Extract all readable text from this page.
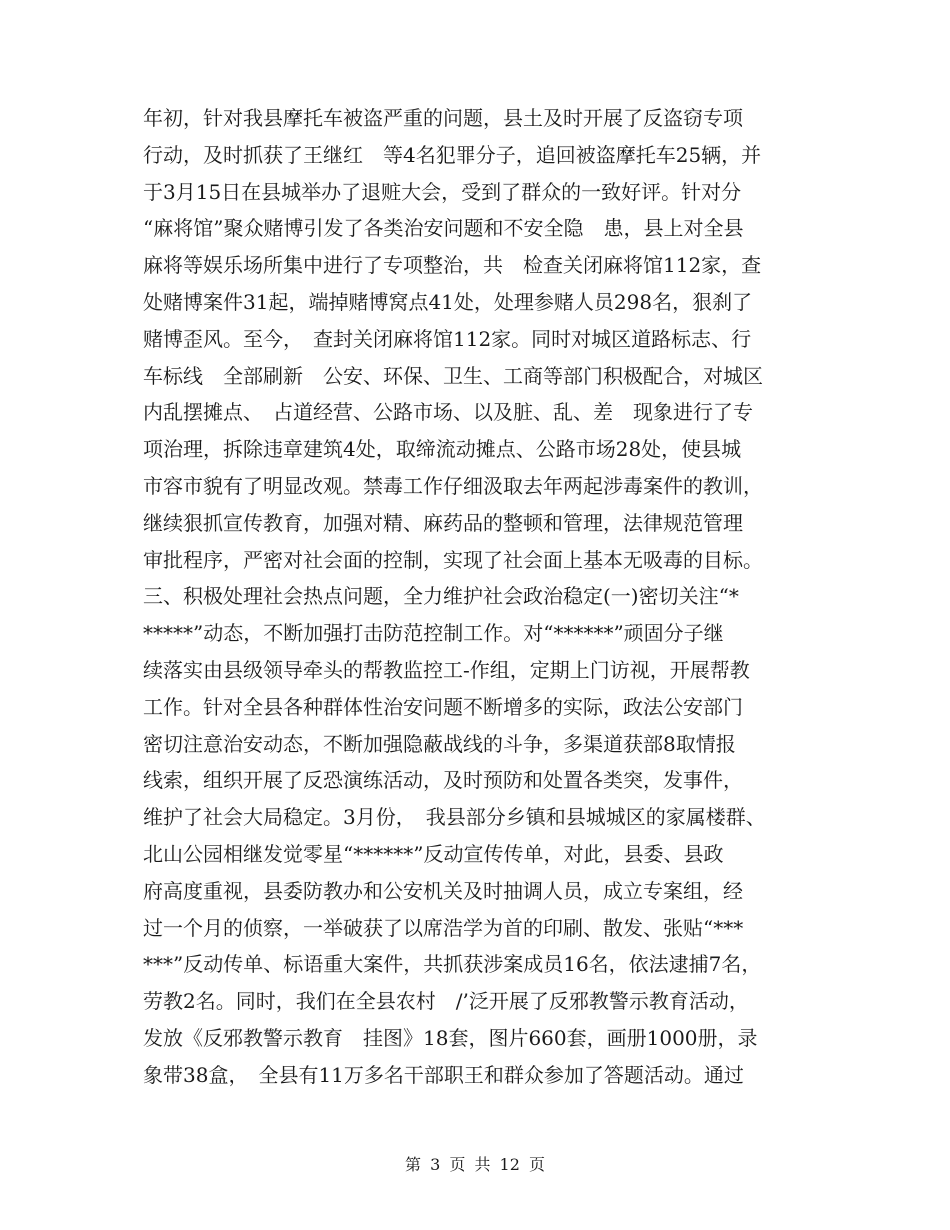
年初，针对我县摩托车被盗严重的问题，县土及时开展了反盗窃专项
行动，及时抓获了王继红　等4名犯罪分子，追回被盗摩托车25辆，并
于3月15日在县城举办了退赃大会，受到了群众的一致好评。针对分
“麻将馆”聚众赌博引发了各类治安问题和不安全隐　患，县上对全县
麻将等娱乐场所集中进行了专项整治，共　检查关闭麻将馆112家，查
处赌博案件31起，端掉赌博窝点41处，处理参赌人员298名，狠刹了
赌博歪风。至今，　查封关闭麻将馆112家。同时对城区道路标志、行
车标线　全部刷新　公安、环保、卫生、工商等部门积极配合，对城区
内乱摆摊点、　占道经营、公路市场、以及脏、乱、差　现象进行了专
项治理，拆除违章建筑4处，取缔流动摊点、公路市场28处，使县城
市容市貌有了明显改观。禁毒工作仔细汲取去年两起涉毒案件的教训，
继续狠抓宣传教育，加强对精、麻药品的整顿和管理，法律规范管理
审批程序，严密对社会面的控制，实现了社会面上基本无吸毒的目标。
三、积极处理社会热点问题，全力维护社会政治稳定(一)密切关注“*
*****”动态，不断加强打击防范控制工作。对“******”顽固分子继
续落实由县级领导牵头的帮教监控工-作组，定期上门访视，开展帮教
工作。针对全县各种群体性治安问题不断增多的实际，政法公安部门
密切注意治安动态，不断加强隐蔽战线的斗争，多渠道获部8取情报
线索，组织开展了反恐演练活动，及时预防和处置各类突，发事件，
维护了社会大局稳定。3月份，　我县部分乡镇和县城城区的家属楼群、
北山公园相继发觉零星“******”反动宣传传单，对此，县委、县政
府高度重视，县委防教办和公安机关及时抽调人员，成立专案组，经
过一个月的侦察，一举破获了以席浩学为首的印刷、散发、张贴“***
***”反动传单、标语重大案件，共抓获涉案成员16名，依法逮捕7名，
劳教2名。同时，我们在全县农村　/’泛开展了反邪教警示教育活动，
发放《反邪教警示教育　挂图》18套，图片660套，画册1000册，录
象带38盒，　全县有11万多名干部职王和群众参加了答题活动。通过
第 3 页 共 12 页
